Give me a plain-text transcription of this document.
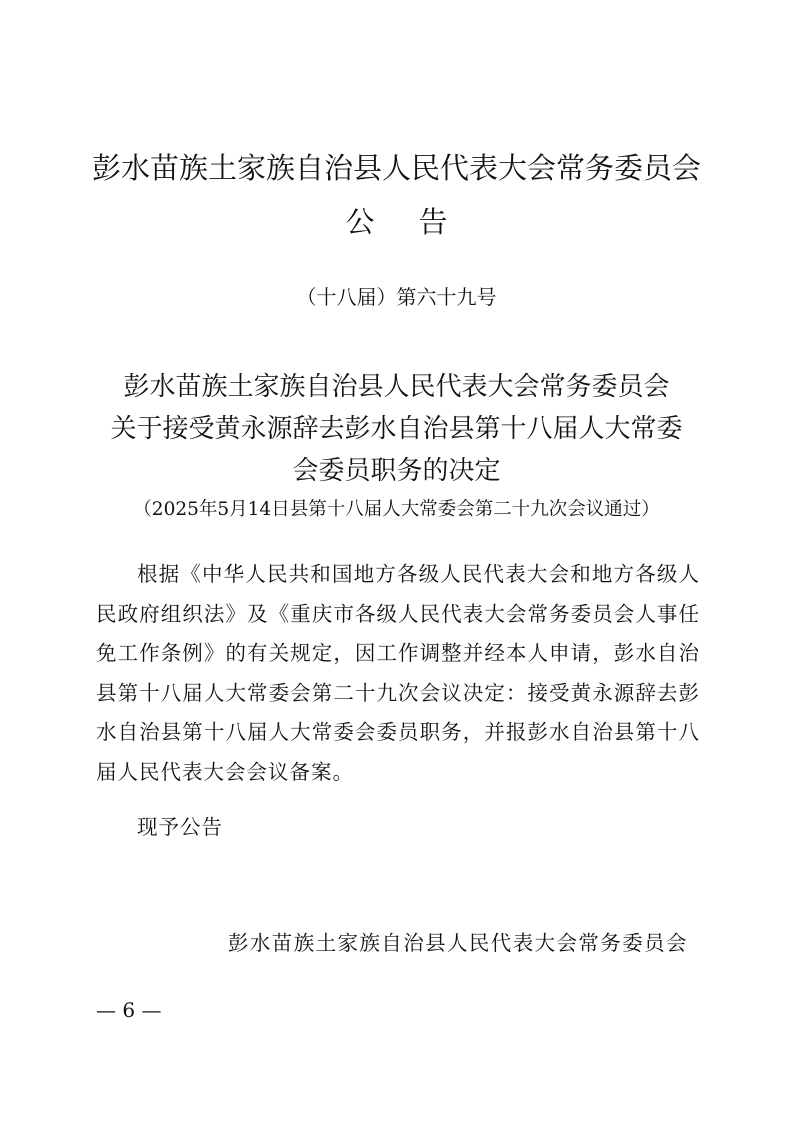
彭水苗族土家族自治县人民代表大会常务委员会
公告
（十八届）第六十九号
彭水苗族土家族自治县人民代表大会常务委员会
关于接受黄永源辞去彭水自治县第十八届人大常委
会委员职务的决定
（2025年5月14日县第十八届人大常委会第二十九次会议通过）

根据《中华人民共和国地方各级人民代表大会和地方各级人民政府组织法》及《重庆市各级人民代表大会常务委员会人事任免工作条例》的有关规定，因工作调整并经本人申请，彭水自治县第十八届人大常委会第二十九次会议决定：接受黄永源辞去彭水自治县第十八届人大常委会委员职务，并报彭水自治县第十八届人民代表大会会议备案。

现予公告
彭水苗族土家族自治县人民代表大会常务委员会
— 6 —
